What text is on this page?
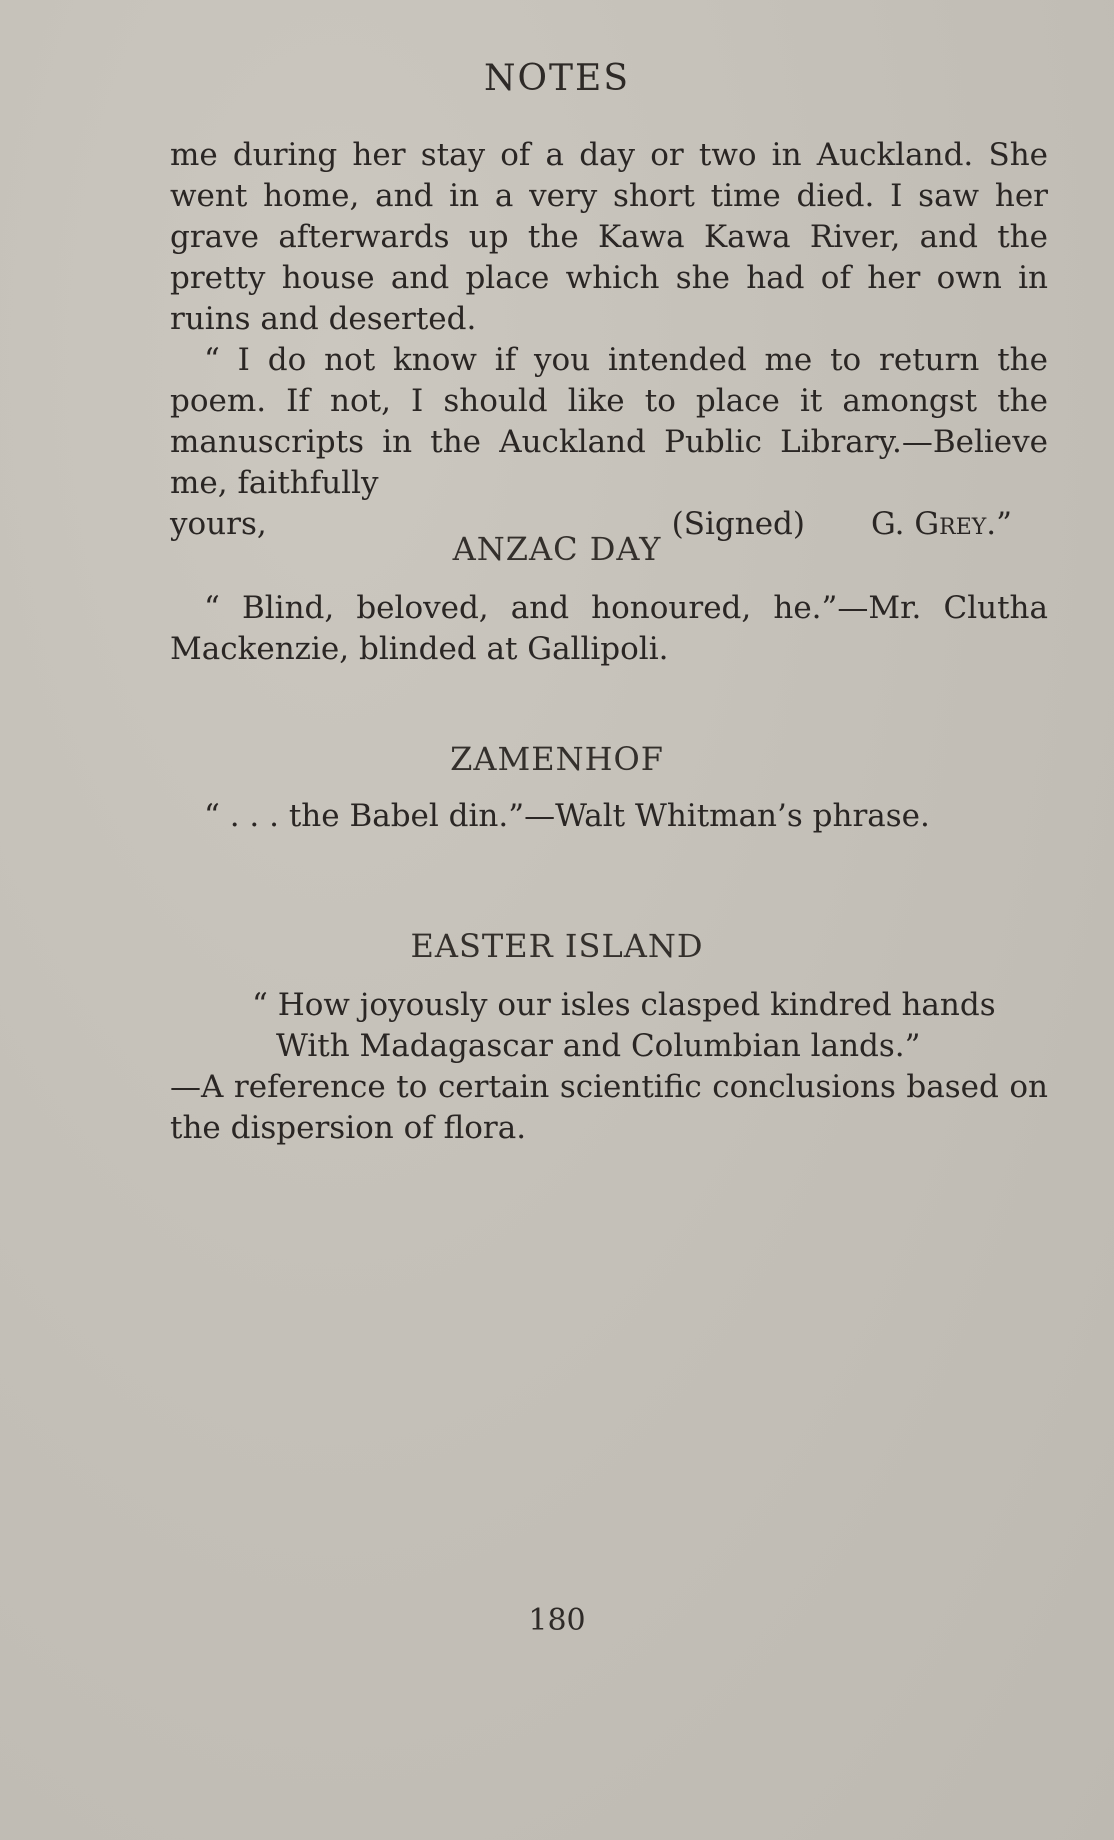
NOTES

me during her stay of a day or two in Auckland. She went home, and in a very short time died. I saw her grave afterwards up the Kawa Kawa River, and the pretty house and place which she had of her own in ruins and deserted.

“ I do not know if you intended me to return the poem. If not, I should like to place it amongst the manuscripts in the Auckland Public Library.—Believe me, faithfully

yours,	(Signed) G. Grey.”
ANZAC DAY
“ Blind, beloved, and honoured, he.”—Mr. Clutha Mackenzie, blinded at Gallipoli.
ZAMENHOF
“ . . . the Babel din.”—Walt Whitman’s phrase.
EASTER ISLAND
“ How joyously our isles clasped kindred hands
With Madagascar and Columbian lands.”
—A reference to certain scientific conclusions based on the dispersion of flora.
180
